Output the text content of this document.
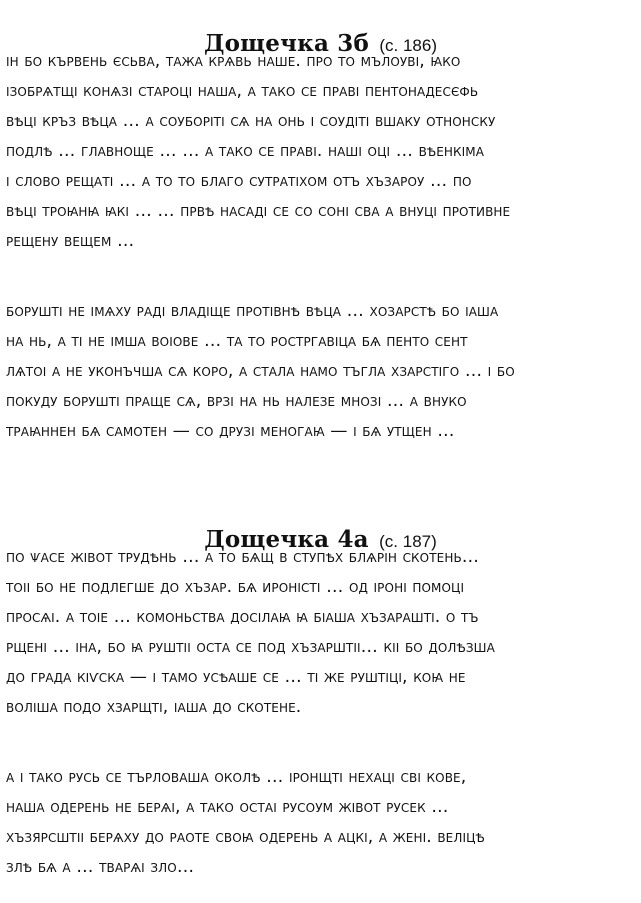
Дощечка 3б (с. 186)

ін бо кървень єсьва, тажа крѧвь наше. про то мълоуві, ꙗко
ізобрѧтщі конѧзі староці наша, а тако се праві пентонадесєфь
вѣці кръз вѣца … а соуборіті сѧ на онь і соудіті вшаку отнонску
подлѣ … главноще … … а тако се праві. наші оці … вѣенкіма
і слово рещаті … а то то благо сутратіхом отъ хъзароу … по
вѣці троꙗнꙗ ꙗкі … … првѣ насаді се со соні сва а внуці противне
рещену вещем …

борушті не імѧху раді владіще протівнѣ вѣца … хозарстѣ бо іаша
на нь, а ті не імша воіове … та то ростргавіца бѧ пенто сент
лѧтоі а не уконъчша сѧ коро, а стала намо тъгла хзарстіго … і бо
покуду борушті праще сѧ, врзі на нь налезе мнозі … а внуко
траꙗннен бѧ самотен — со друзі меногаꙗ — і бѧ утщен …

Дощечка 4а (с. 187)

по ѱасе жівот трудѣнь … а то бѧщ в ступѣх блѧрін скотень…
тоіі бо не подлегше до хъзар. бѧ ироністі … од іроні помоці
просѧі. а тоіе … комоньства досілаꙗ ꙗ біаша хъзарашті. о тъ
рщені … іна, бо ꙗ руштіі оста се под хъзарштіі… кіі бо долѣзша
до града кіѵска — і тамо усѣаше се … ті же руштіці, коꙗ не
воліша подо хзарщті, іаша до скотене.

а і тако русь се търловаша околѣ … іронщті нехаці сві кове,
наша одерень не берѧі, а тако остаі русоум жівот русек …
хъзярсштіі берѧху до раоте своꙗ одерень а ацкі, а жені. веліцѣ
злѣ бѧ а … тварѧі зло…
